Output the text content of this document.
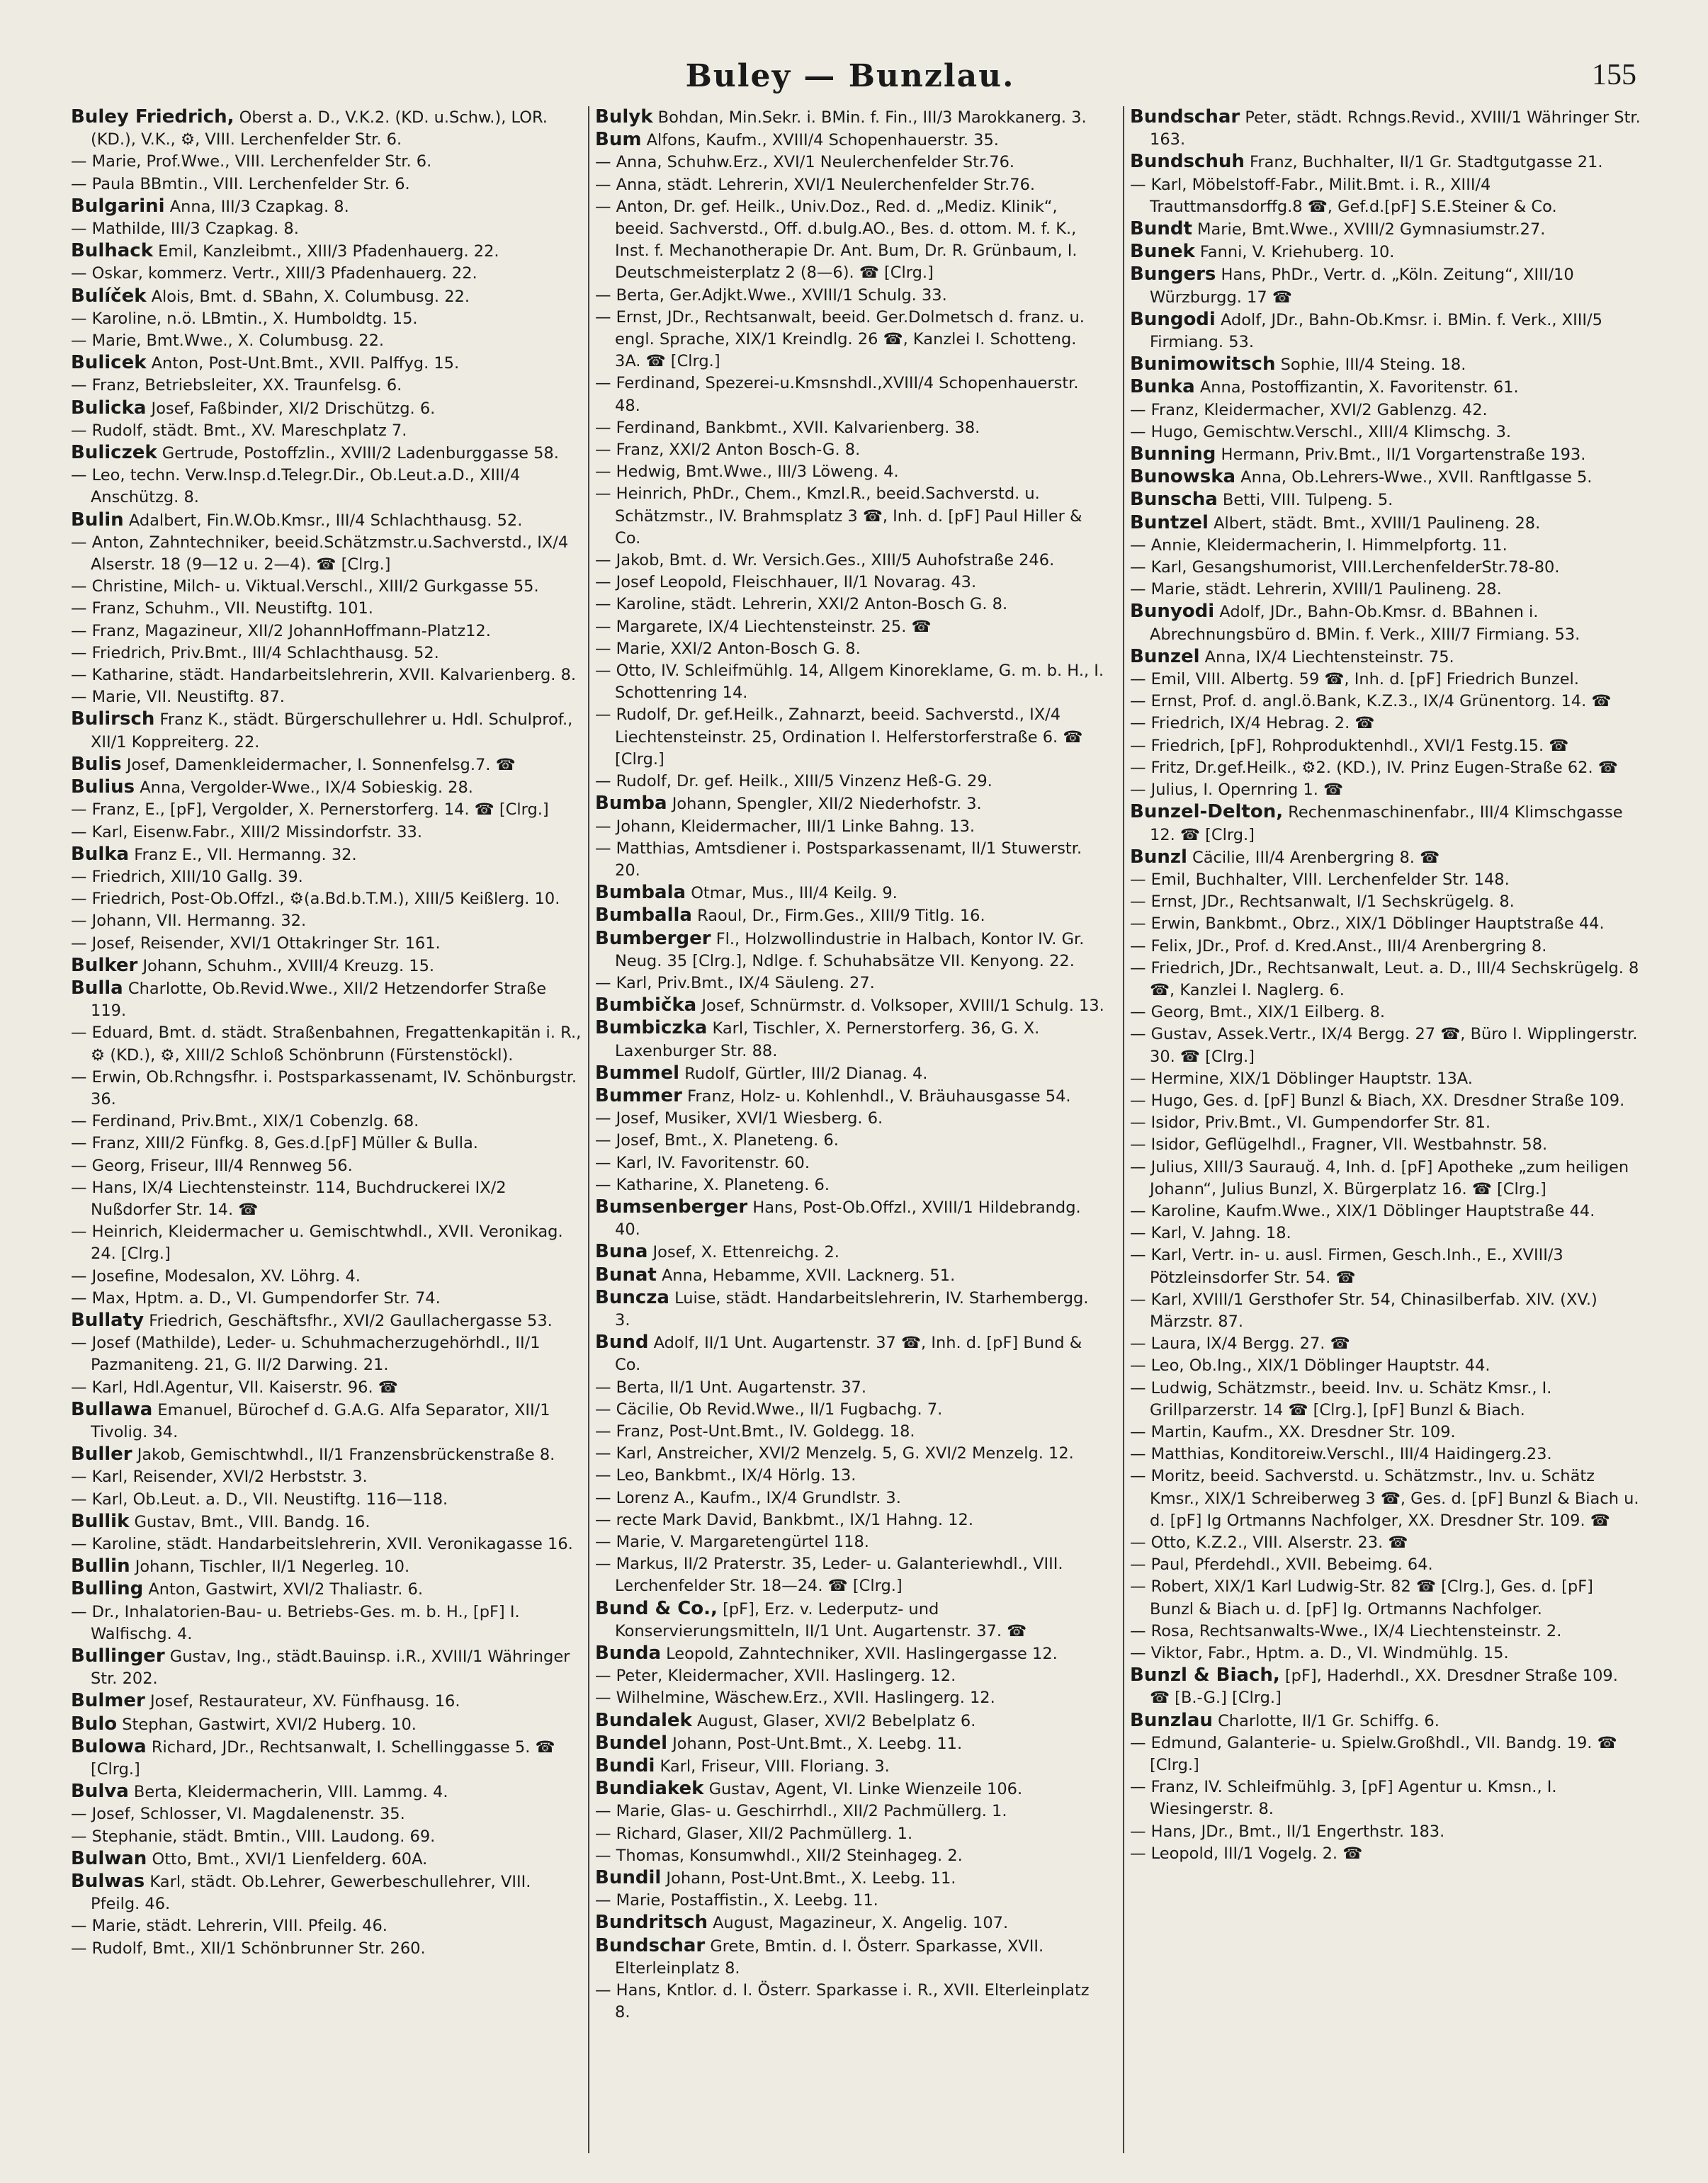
Buley — Bunzlau.	155

Buley Friedrich, Oberst a. D., V.K.2. (KD. u.Schw.), LOR. (KD.), V.K., ⚙, VIII. Lerchenfelder Str. 6.

— Marie, Prof.Wwe., VIII. Lerchenfelder Str. 6.

— Paula BBmtin., VIII. Lerchenfelder Str. 6.

Bulgarini Anna, III/3 Czapkag. 8.

— Mathilde, III/3 Czapkag. 8.

Bulhack Emil, Kanzleibmt., XIII/3 Pfadenhauerg. 22.

— Oskar, kommerz. Vertr., XIII/3 Pfadenhauerg. 22.

Bulíček Alois, Bmt. d. SBahn, X. Columbusg. 22.

— Karoline, n.ö. LBmtin., X. Humboldtg. 15.

— Marie, Bmt.Wwe., X. Columbusg. 22.

Bulicek Anton, Post-Unt.Bmt., XVII. Palffyg. 15.

— Franz, Betriebsleiter, XX. Traunfelsg. 6.

Bulicka Josef, Faßbinder, XI/2 Drischützg. 6.

— Rudolf, städt. Bmt., XV. Mareschplatz 7.

Buliczek Gertrude, Postoffzlin., XVIII/2 Ladenburggasse 58.

— Leo, techn. Verw.Insp.d.Telegr.Dir., Ob.Leut.a.D., XIII/4 Anschützg. 8.

Bulin Adalbert, Fin.W.Ob.Kmsr., III/4 Schlachthausg. 52.

— Anton, Zahntechniker, beeid.Schätzmstr.u.Sachverstd., IX/4 Alserstr. 18 (9—12 u. 2—4). ☎ [Clrg.]

— Christine, Milch- u. Viktual.Verschl., XIII/2 Gurkgasse 55.

— Franz, Schuhm., VII. Neustiftg. 101.

— Franz, Magazineur, XII/2 JohannHoffmann-Platz12.

— Friedrich, Priv.Bmt., III/4 Schlachthausg. 52.

— Katharine, städt. Handarbeitslehrerin, XVII. Kalvarienberg. 8.

— Marie, VII. Neustiftg. 87.

Bulirsch Franz K., städt. Bürgerschullehrer u. Hdl. Schulprof., XII/1 Koppreiterg. 22.

Bulis Josef, Damenkleidermacher, I. Sonnenfelsg.7. ☎

Bulius Anna, Vergolder-Wwe., IX/4 Sobieskig. 28.

— Franz, E., [pF], Vergolder, X. Pernerstorferg. 14. ☎ [Clrg.]

— Karl, Eisenw.Fabr., XIII/2 Missindorfstr. 33.

Bulka Franz E., VII. Hermanng. 32.

— Friedrich, XIII/10 Gallg. 39.

— Friedrich, Post-Ob.Offzl., ⚙(a.Bd.b.T.M.), XIII/5 Keißlerg. 10.

— Johann, VII. Hermanng. 32.

— Josef, Reisender, XVI/1 Ottakringer Str. 161.

Bulker Johann, Schuhm., XVIII/4 Kreuzg. 15.

Bulla Charlotte, Ob.Revid.Wwe., XII/2 Hetzendorfer Straße 119.

— Eduard, Bmt. d. städt. Straßenbahnen, Fregattenkapitän i. R., ⚙ (KD.), ⚙, XIII/2 Schloß Schönbrunn (Fürstenstöckl).

— Erwin, Ob.Rchngsfhr. i. Postsparkassenamt, IV. Schönburgstr. 36.

— Ferdinand, Priv.Bmt., XIX/1 Cobenzlg. 68.

— Franz, XIII/2 Fünfkg. 8, Ges.d.[pF] Müller & Bulla.

— Georg, Friseur, III/4 Rennweg 56.

— Hans, IX/4 Liechtensteinstr. 114, Buchdruckerei IX/2 Nußdorfer Str. 14. ☎

— Heinrich, Kleidermacher u. Gemischtwhdl., XVII. Veronikag. 24. [Clrg.]

— Josefine, Modesalon, XV. Löhrg. 4.

— Max, Hptm. a. D., VI. Gumpendorfer Str. 74.

Bullaty Friedrich, Geschäftsfhr., XVI/2 Gaullachergasse 53.

— Josef (Mathilde), Leder- u. Schuhmacherzugehörhdl., II/1 Pazmaniteng. 21, G. II/2 Darwing. 21.

— Karl, Hdl.Agentur, VII. Kaiserstr. 96. ☎

Bullawa Emanuel, Bürochef d. G.A.G. Alfa Separator, XII/1 Tivolig. 34.

Buller Jakob, Gemischtwhdl., II/1 Franzensbrückenstraße 8.

— Karl, Reisender, XVI/2 Herbststr. 3.

— Karl, Ob.Leut. a. D., VII. Neustiftg. 116—118.

Bullik Gustav, Bmt., VIII. Bandg. 16.

— Karoline, städt. Handarbeitslehrerin, XVII. Veronikagasse 16.

Bullin Johann, Tischler, II/1 Negerleg. 10.

Bulling Anton, Gastwirt, XVI/2 Thaliastr. 6.

— Dr., Inhalatorien-Bau- u. Betriebs-Ges. m. b. H., [pF] I. Walfischg. 4.

Bullinger Gustav, Ing., städt.Bauinsp. i.R., XVIII/1 Währinger Str. 202.

Bulmer Josef, Restaurateur, XV. Fünfhausg. 16.

Bulo Stephan, Gastwirt, XVI/2 Huberg. 10.

Bulowa Richard, JDr., Rechtsanwalt, I. Schellinggasse 5. ☎ [Clrg.]

Bulva Berta, Kleidermacherin, VIII. Lammg. 4.

— Josef, Schlosser, VI. Magdalenenstr. 35.

— Stephanie, städt. Bmtin., VIII. Laudong. 69.

Bulwan Otto, Bmt., XVI/1 Lienfelderg. 60A.

Bulwas Karl, städt. Ob.Lehrer, Gewerbeschullehrer, VIII. Pfeilg. 46.

— Marie, städt. Lehrerin, VIII. Pfeilg. 46.

— Rudolf, Bmt., XII/1 Schönbrunner Str. 260.

Bulyk Bohdan, Min.Sekr. i. BMin. f. Fin., III/3 Marokkanerg. 3.

Bum Alfons, Kaufm., XVIII/4 Schopenhauerstr. 35.

— Anna, Schuhw.Erz., XVI/1 Neulerchenfelder Str.76.

— Anna, städt. Lehrerin, XVI/1 Neulerchenfelder Str.76.

— Anton, Dr. gef. Heilk., Univ.Doz., Red. d. „Mediz. Klinik“, beeid. Sachverstd., Off. d.bulg.AO., Bes. d. ottom. M. f. K., Inst. f. Mechanotherapie Dr. Ant. Bum, Dr. R. Grünbaum, I. Deutschmeisterplatz 2 (8—6). ☎ [Clrg.]

— Berta, Ger.Adjkt.Wwe., XVIII/1 Schulg. 33.

— Ernst, JDr., Rechtsanwalt, beeid. Ger.Dolmetsch d. franz. u. engl. Sprache, XIX/1 Kreindlg. 26 ☎, Kanzlei I. Schotteng. 3A. ☎ [Clrg.]

— Ferdinand, Spezerei-u.Kmsnshdl.,XVIII/4 Schopenhauerstr. 48.

— Ferdinand, Bankbmt., XVII. Kalvarienberg. 38.

— Franz, XXI/2 Anton Bosch-G. 8.

— Hedwig, Bmt.Wwe., III/3 Löweng. 4.

— Heinrich, PhDr., Chem., Kmzl.R., beeid.Sachverstd. u. Schätzmstr., IV. Brahmsplatz 3 ☎, Inh. d. [pF] Paul Hiller & Co.

— Jakob, Bmt. d. Wr. Versich.Ges., XIII/5 Auhofstraße 246.

— Josef Leopold, Fleischhauer, II/1 Novarag. 43.

— Karoline, städt. Lehrerin, XXI/2 Anton-Bosch G. 8.

— Margarete, IX/4 Liechtensteinstr. 25. ☎

— Marie, XXI/2 Anton-Bosch G. 8.

— Otto, IV. Schleifmühlg. 14, Allgem Kinoreklame, G. m. b. H., I. Schottenring 14.

— Rudolf, Dr. gef.Heilk., Zahnarzt, beeid. Sachverstd., IX/4 Liechtensteinstr. 25, Ordination I. Helferstorferstraße 6. ☎ [Clrg.]

— Rudolf, Dr. gef. Heilk., XIII/5 Vinzenz Heß-G. 29.

Bumba Johann, Spengler, XII/2 Niederhofstr. 3.

— Johann, Kleidermacher, III/1 Linke Bahng. 13.

— Matthias, Amtsdiener i. Postsparkassenamt, II/1 Stuwerstr. 20.

Bumbala Otmar, Mus., III/4 Keilg. 9.

Bumballa Raoul, Dr., Firm.Ges., XIII/9 Titlg. 16.

Bumberger Fl., Holzwollindustrie in Halbach, Kontor IV. Gr. Neug. 35 [Clrg.], Ndlge. f. Schuhabsätze VII. Kenyong. 22.

— Karl, Priv.Bmt., IX/4 Säuleng. 27.

Bumbička Josef, Schnürmstr. d. Volksoper, XVIII/1 Schulg. 13.

Bumbiczka Karl, Tischler, X. Pernerstorferg. 36, G. X. Laxenburger Str. 88.

Bummel Rudolf, Gürtler, III/2 Dianag. 4.

Bummer Franz, Holz- u. Kohlenhdl., V. Bräuhausgasse 54.

— Josef, Musiker, XVI/1 Wiesberg. 6.

— Josef, Bmt., X. Planeteng. 6.

— Karl, IV. Favoritenstr. 60.

— Katharine, X. Planeteng. 6.

Bumsenberger Hans, Post-Ob.Offzl., XVIII/1 Hildebrandg. 40.

Buna Josef, X. Ettenreichg. 2.

Bunat Anna, Hebamme, XVII. Lacknerg. 51.

Buncza Luise, städt. Handarbeitslehrerin, IV. Starhembergg. 3.

Bund Adolf, II/1 Unt. Augartenstr. 37 ☎, Inh. d. [pF] Bund & Co.

— Berta, II/1 Unt. Augartenstr. 37.

— Cäcilie, Ob Revid.Wwe., II/1 Fugbachg. 7.

— Franz, Post-Unt.Bmt., IV. Goldegg. 18.

— Karl, Anstreicher, XVI/2 Menzelg. 5, G. XVI/2 Menzelg. 12.

— Leo, Bankbmt., IX/4 Hörlg. 13.

— Lorenz A., Kaufm., IX/4 Grundlstr. 3.

— recte Mark David, Bankbmt., IX/1 Hahng. 12.

— Marie, V. Margaretengürtel 118.

— Markus, II/2 Praterstr. 35, Leder- u. Galanteriewhdl., VIII. Lerchenfelder Str. 18—24. ☎ [Clrg.]

Bund & Co., [pF], Erz. v. Lederputz- und Konservierungsmitteln, II/1 Unt. Augartenstr. 37. ☎

Bunda Leopold, Zahntechniker, XVII. Haslingergasse 12.

— Peter, Kleidermacher, XVII. Haslingerg. 12.

— Wilhelmine, Wäschew.Erz., XVII. Haslingerg. 12.

Bundalek August, Glaser, XVI/2 Bebelplatz 6.

Bundel Johann, Post-Unt.Bmt., X. Leebg. 11.

Bundi Karl, Friseur, VIII. Floriang. 3.

Bundiakek Gustav, Agent, VI. Linke Wienzeile 106.

— Marie, Glas- u. Geschirrhdl., XII/2 Pachmüllerg. 1.

— Richard, Glaser, XII/2 Pachmüllerg. 1.

— Thomas, Konsumwhdl., XII/2 Steinhageg. 2.

Bundil Johann, Post-Unt.Bmt., X. Leebg. 11.

— Marie, Postaffistin., X. Leebg. 11.

Bundritsch August, Magazineur, X. Angelig. 107.

Bundschar Grete, Bmtin. d. I. Österr. Sparkasse, XVII. Elterleinplatz 8.

— Hans, Kntlor. d. I. Österr. Sparkasse i. R., XVII. Elterleinplatz 8.

Bundschar Peter, städt. Rchngs.Revid., XVIII/1 Währinger Str. 163.

Bundschuh Franz, Buchhalter, II/1 Gr. Stadtgutgasse 21.

— Karl, Möbelstoff-Fabr., Milit.Bmt. i. R., XIII/4 Trauttmansdorffg.8 ☎, Gef.d.[pF] S.E.Steiner & Co.

Bundt Marie, Bmt.Wwe., XVIII/2 Gymnasiumstr.27.

Bunek Fanni, V. Kriehuberg. 10.

Bungers Hans, PhDr., Vertr. d. „Köln. Zeitung“, XIII/10 Würzburgg. 17 ☎

Bungodi Adolf, JDr., Bahn-Ob.Kmsr. i. BMin. f. Verk., XIII/5 Firmiang. 53.

Bunimowitsch Sophie, III/4 Steing. 18.

Bunka Anna, Postoffizantin, X. Favoritenstr. 61.

— Franz, Kleidermacher, XVI/2 Gablenzg. 42.

— Hugo, Gemischtw.Verschl., XIII/4 Klimschg. 3.

Bunning Hermann, Priv.Bmt., II/1 Vorgartenstraße 193.

Bunowska Anna, Ob.Lehrers-Wwe., XVII. Ranftlgasse 5.

Bunscha Betti, VIII. Tulpeng. 5.

Buntzel Albert, städt. Bmt., XVIII/1 Paulineng. 28.

— Annie, Kleidermacherin, I. Himmelpfortg. 11.

— Karl, Gesangshumorist, VIII.LerchenfelderStr.78-80.

— Marie, städt. Lehrerin, XVIII/1 Paulineng. 28.

Bunyodi Adolf, JDr., Bahn-Ob.Kmsr. d. BBahnen i. Abrechnungsbüro d. BMin. f. Verk., XIII/7 Firmiang. 53.

Bunzel Anna, IX/4 Liechtensteinstr. 75.

— Emil, VIII. Albertg. 59 ☎, Inh. d. [pF] Friedrich Bunzel.

— Ernst, Prof. d. angl.ö.Bank, K.Z.3., IX/4 Grünentorg. 14. ☎

— Friedrich, IX/4 Hebrag. 2. ☎

— Friedrich, [pF], Rohproduktenhdl., XVI/1 Festg.15. ☎

— Fritz, Dr.gef.Heilk., ⚙2. (KD.), IV. Prinz Eugen-Straße 62. ☎

— Julius, I. Opernring 1. ☎

Bunzel-Delton, Rechenmaschinenfabr., III/4 Klimschgasse 12. ☎ [Clrg.]

Bunzl Cäcilie, III/4 Arenbergring 8. ☎

— Emil, Buchhalter, VIII. Lerchenfelder Str. 148.

— Ernst, JDr., Rechtsanwalt, I/1 Sechskrügelg. 8.

— Erwin, Bankbmt., Obrz., XIX/1 Döblinger Hauptstraße 44.

— Felix, JDr., Prof. d. Kred.Anst., III/4 Arenbergring 8.

— Friedrich, JDr., Rechtsanwalt, Leut. a. D., III/4 Sechskrügelg. 8 ☎, Kanzlei I. Naglerg. 6.

— Georg, Bmt., XIX/1 Eilberg. 8.

— Gustav, Assek.Vertr., IX/4 Bergg. 27 ☎, Büro I. Wipplingerstr. 30. ☎ [Clrg.]

— Hermine, XIX/1 Döblinger Hauptstr. 13A.

— Hugo, Ges. d. [pF] Bunzl & Biach, XX. Dresdner Straße 109.

— Isidor, Priv.Bmt., VI. Gumpendorfer Str. 81.

— Isidor, Geflügelhdl., Fragner, VII. Westbahnstr. 58.

— Julius, XIII/3 Saurauğ. 4, Inh. d. [pF] Apotheke „zum heiligen Johann“, Julius Bunzl, X. Bürgerplatz 16. ☎ [Clrg.]

— Karoline, Kaufm.Wwe., XIX/1 Döblinger Hauptstraße 44.

— Karl, V. Jahng. 18.

— Karl, Vertr. in- u. ausl. Firmen, Gesch.Inh., E., XVIII/3 Pötzleinsdorfer Str. 54. ☎

— Karl, XVIII/1 Gersthofer Str. 54, Chinasilberfab. XIV. (XV.) Märzstr. 87.

— Laura, IX/4 Bergg. 27. ☎

— Leo, Ob.Ing., XIX/1 Döblinger Hauptstr. 44.

— Ludwig, Schätzmstr., beeid. Inv. u. Schätz Kmsr., I. Grillparzerstr. 14 ☎ [Clrg.], [pF] Bunzl & Biach.

— Martin, Kaufm., XX. Dresdner Str. 109.

— Matthias, Konditoreiw.Verschl., III/4 Haidingerg.23.

— Moritz, beeid. Sachverstd. u. Schätzmstr., Inv. u. Schätz Kmsr., XIX/1 Schreiberweg 3 ☎, Ges. d. [pF] Bunzl & Biach u. d. [pF] Ig Ortmanns Nachfolger, XX. Dresdner Str. 109. ☎

— Otto, K.Z.2., VIII. Alserstr. 23. ☎

— Paul, Pferdehdl., XVII. Bebeimg. 64.

— Robert, XIX/1 Karl Ludwig-Str. 82 ☎ [Clrg.], Ges. d. [pF] Bunzl & Biach u. d. [pF] Ig. Ortmanns Nachfolger.

— Rosa, Rechtsanwalts-Wwe., IX/4 Liechtensteinstr. 2.

— Viktor, Fabr., Hptm. a. D., VI. Windmühlg. 15.

Bunzl & Biach, [pF], Haderhdl., XX. Dresdner Straße 109. ☎ [B.-G.] [Clrg.]

Bunzlau Charlotte, II/1 Gr. Schiffg. 6.

— Edmund, Galanterie- u. Spielw.Großhdl., VII. Bandg. 19. ☎ [Clrg.]

— Franz, IV. Schleifmühlg. 3, [pF] Agentur u. Kmsn., I. Wiesingerstr. 8.

— Hans, JDr., Bmt., II/1 Engerthstr. 183.

— Leopold, III/1 Vogelg. 2. ☎
